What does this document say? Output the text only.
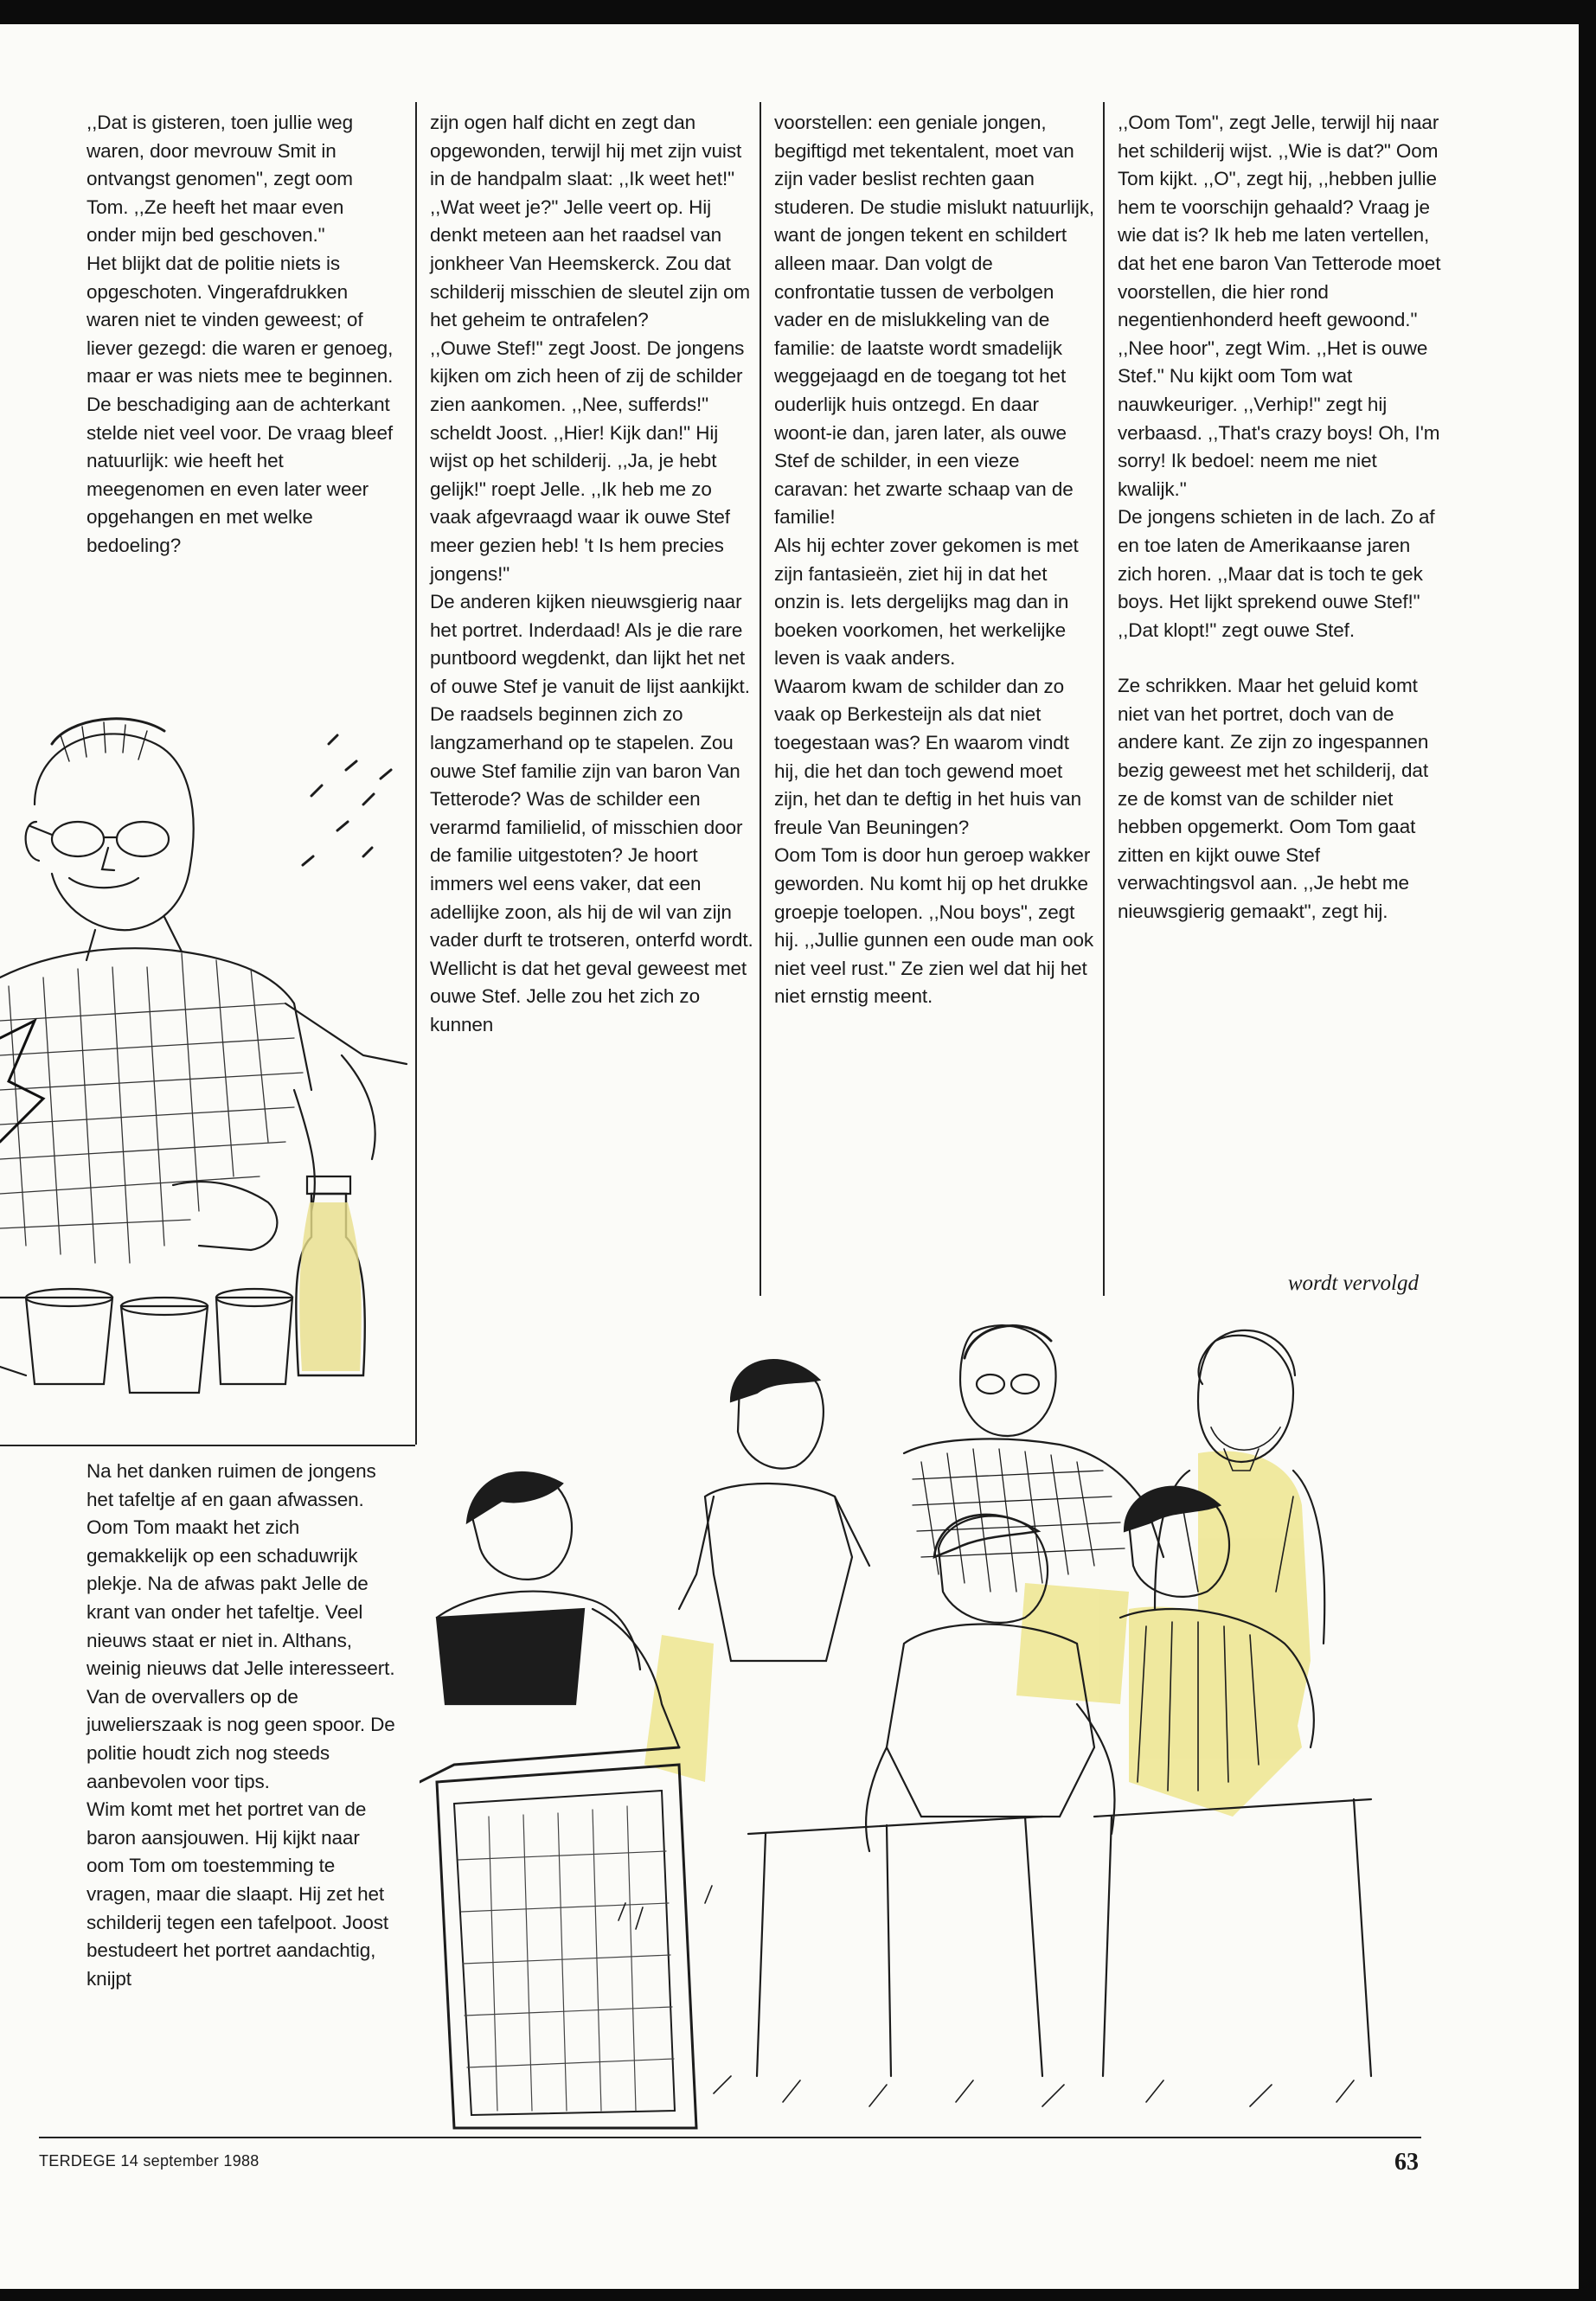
,,Dat is gisteren, toen jullie weg waren, door mevrouw Smit in ontvangst genomen", zegt oom Tom. ,,Ze heeft het maar even onder mijn bed geschoven."

Het blijkt dat de politie niets is opgeschoten. Vingerafdrukken waren niet te vinden geweest; of liever gezegd: die waren er genoeg, maar er was niets mee te beginnen. De beschadiging aan de achterkant stelde niet veel voor. De vraag bleef natuurlijk: wie heeft het meegenomen en even later weer opgehangen en met welke bedoeling?

Na het danken ruimen de jongens het tafeltje af en gaan afwassen. Oom Tom maakt het zich gemakkelijk op een schaduwrijk plekje. Na de afwas pakt Jelle de krant van onder het tafeltje. Veel nieuws staat er niet in. Althans, weinig nieuws dat Jelle interesseert. Van de overvallers op de juwelierszaak is nog geen spoor. De politie houdt zich nog steeds aanbevolen voor tips.

Wim komt met het portret van de baron aansjouwen. Hij kijkt naar oom Tom om toestemming te vragen, maar die slaapt. Hij zet het schilderij tegen een tafelpoot. Joost bestudeert het portret aandachtig, knijpt

zijn ogen half dicht en zegt dan opgewonden, terwijl hij met zijn vuist in de handpalm slaat: ,,Ik weet het!"

,,Wat weet je?" Jelle veert op. Hij denkt meteen aan het raadsel van jonkheer Van Heemskerck. Zou dat schilderij misschien de sleutel zijn om het geheim te ontrafelen?

,,Ouwe Stef!" zegt Joost. De jongens kijken om zich heen of zij de schilder zien aankomen. ,,Nee, sufferds!" scheldt Joost. ,,Hier! Kijk dan!" Hij wijst op het schilderij. ,,Ja, je hebt gelijk!" roept Jelle. ,,Ik heb me zo vaak afgevraagd waar ik ouwe Stef meer gezien heb! 't Is hem precies jongens!"

De anderen kijken nieuwsgierig naar het portret. Inderdaad! Als je die rare puntboord wegdenkt, dan lijkt het net of ouwe Stef je vanuit de lijst aankijkt.

De raadsels beginnen zich zo langzamerhand op te stapelen. Zou ouwe Stef familie zijn van baron Van Tetterode? Was de schilder een verarmd familielid, of misschien door de familie uitgestoten? Je hoort immers wel eens vaker, dat een adellijke zoon, als hij de wil van zijn vader durft te trotseren, onterfd wordt. Wellicht is dat het geval geweest met ouwe Stef. Jelle zou het zich zo kunnen

voorstellen: een geniale jongen, begiftigd met tekentalent, moet van zijn vader beslist rechten gaan studeren. De studie mislukt natuurlijk, want de jongen tekent en schildert alleen maar. Dan volgt de confrontatie tussen de verbolgen vader en de mislukkeling van de familie: de laatste wordt smadelijk weggejaagd en de toegang tot het ouderlijk huis ontzegd. En daar woont-ie dan, jaren later, als ouwe Stef de schilder, in een vieze caravan: het zwarte schaap van de familie!

Als hij echter zover gekomen is met zijn fantasieën, ziet hij in dat het onzin is. Iets dergelijks mag dan in boeken voorkomen, het werkelijke leven is vaak anders.

Waarom kwam de schilder dan zo vaak op Berkesteijn als dat niet toegestaan was? En waarom vindt hij, die het dan toch gewend moet zijn, het dan te deftig in het huis van freule Van Beuningen?

Oom Tom is door hun geroep wakker geworden. Nu komt hij op het drukke groepje toelopen. ,,Nou boys", zegt hij. ,,Jullie gunnen een oude man ook niet veel rust." Ze zien wel dat hij het niet ernstig meent.

,,Oom Tom", zegt Jelle, terwijl hij naar het schilderij wijst. ,,Wie is dat?" Oom Tom kijkt. ,,O", zegt hij, ,,hebben jullie hem te voorschijn gehaald? Vraag je wie dat is? Ik heb me laten vertellen, dat het ene baron Van Tetterode moet voorstellen, die hier rond negentienhonderd heeft gewoond."

,,Nee hoor", zegt Wim. ,,Het is ouwe Stef." Nu kijkt oom Tom wat nauwkeuriger. ,,Verhip!" zegt hij verbaasd. ,,That's crazy boys! Oh, I'm sorry! Ik bedoel: neem me niet kwalijk."

De jongens schieten in de lach. Zo af en toe laten de Amerikaanse jaren zich horen. ,,Maar dat is toch te gek boys. Het lijkt sprekend ouwe Stef!" ,,Dat klopt!" zegt ouwe Stef.

Ze schrikken. Maar het geluid komt niet van het portret, doch van de andere kant. Ze zijn zo ingespannen bezig geweest met het schilderij, dat ze de komst van de schilder niet hebben opgemerkt. Oom Tom gaat zitten en kijkt ouwe Stef verwachtingsvol aan. ,,Je hebt me nieuwsgierig gemaakt", zegt hij.

wordt vervolgd
TERDEGE 14 september 1988	63
